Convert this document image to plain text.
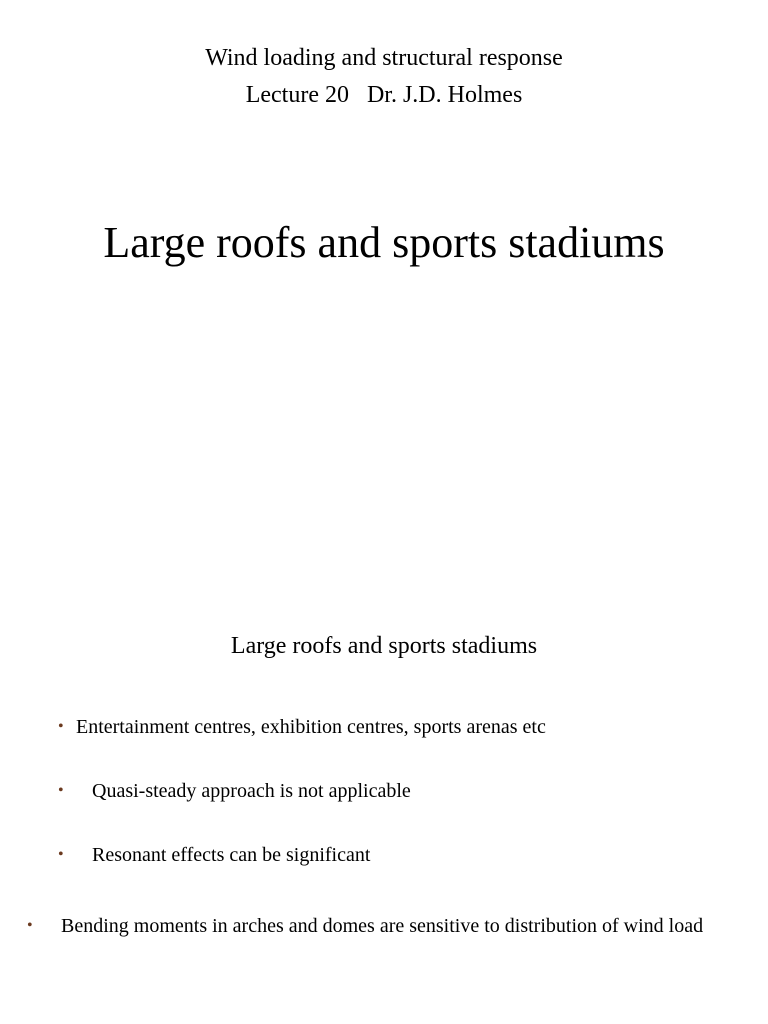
Wind loading and structural response
Lecture 20   Dr. J.D. Holmes
Large roofs and sports stadiums
Large roofs and sports stadiums
• Entertainment centres, exhibition centres, sports arenas etc
• Quasi-steady approach is not applicable
• Resonant effects can be significant
• Bending moments in arches and domes are sensitive to distribution of wind load
